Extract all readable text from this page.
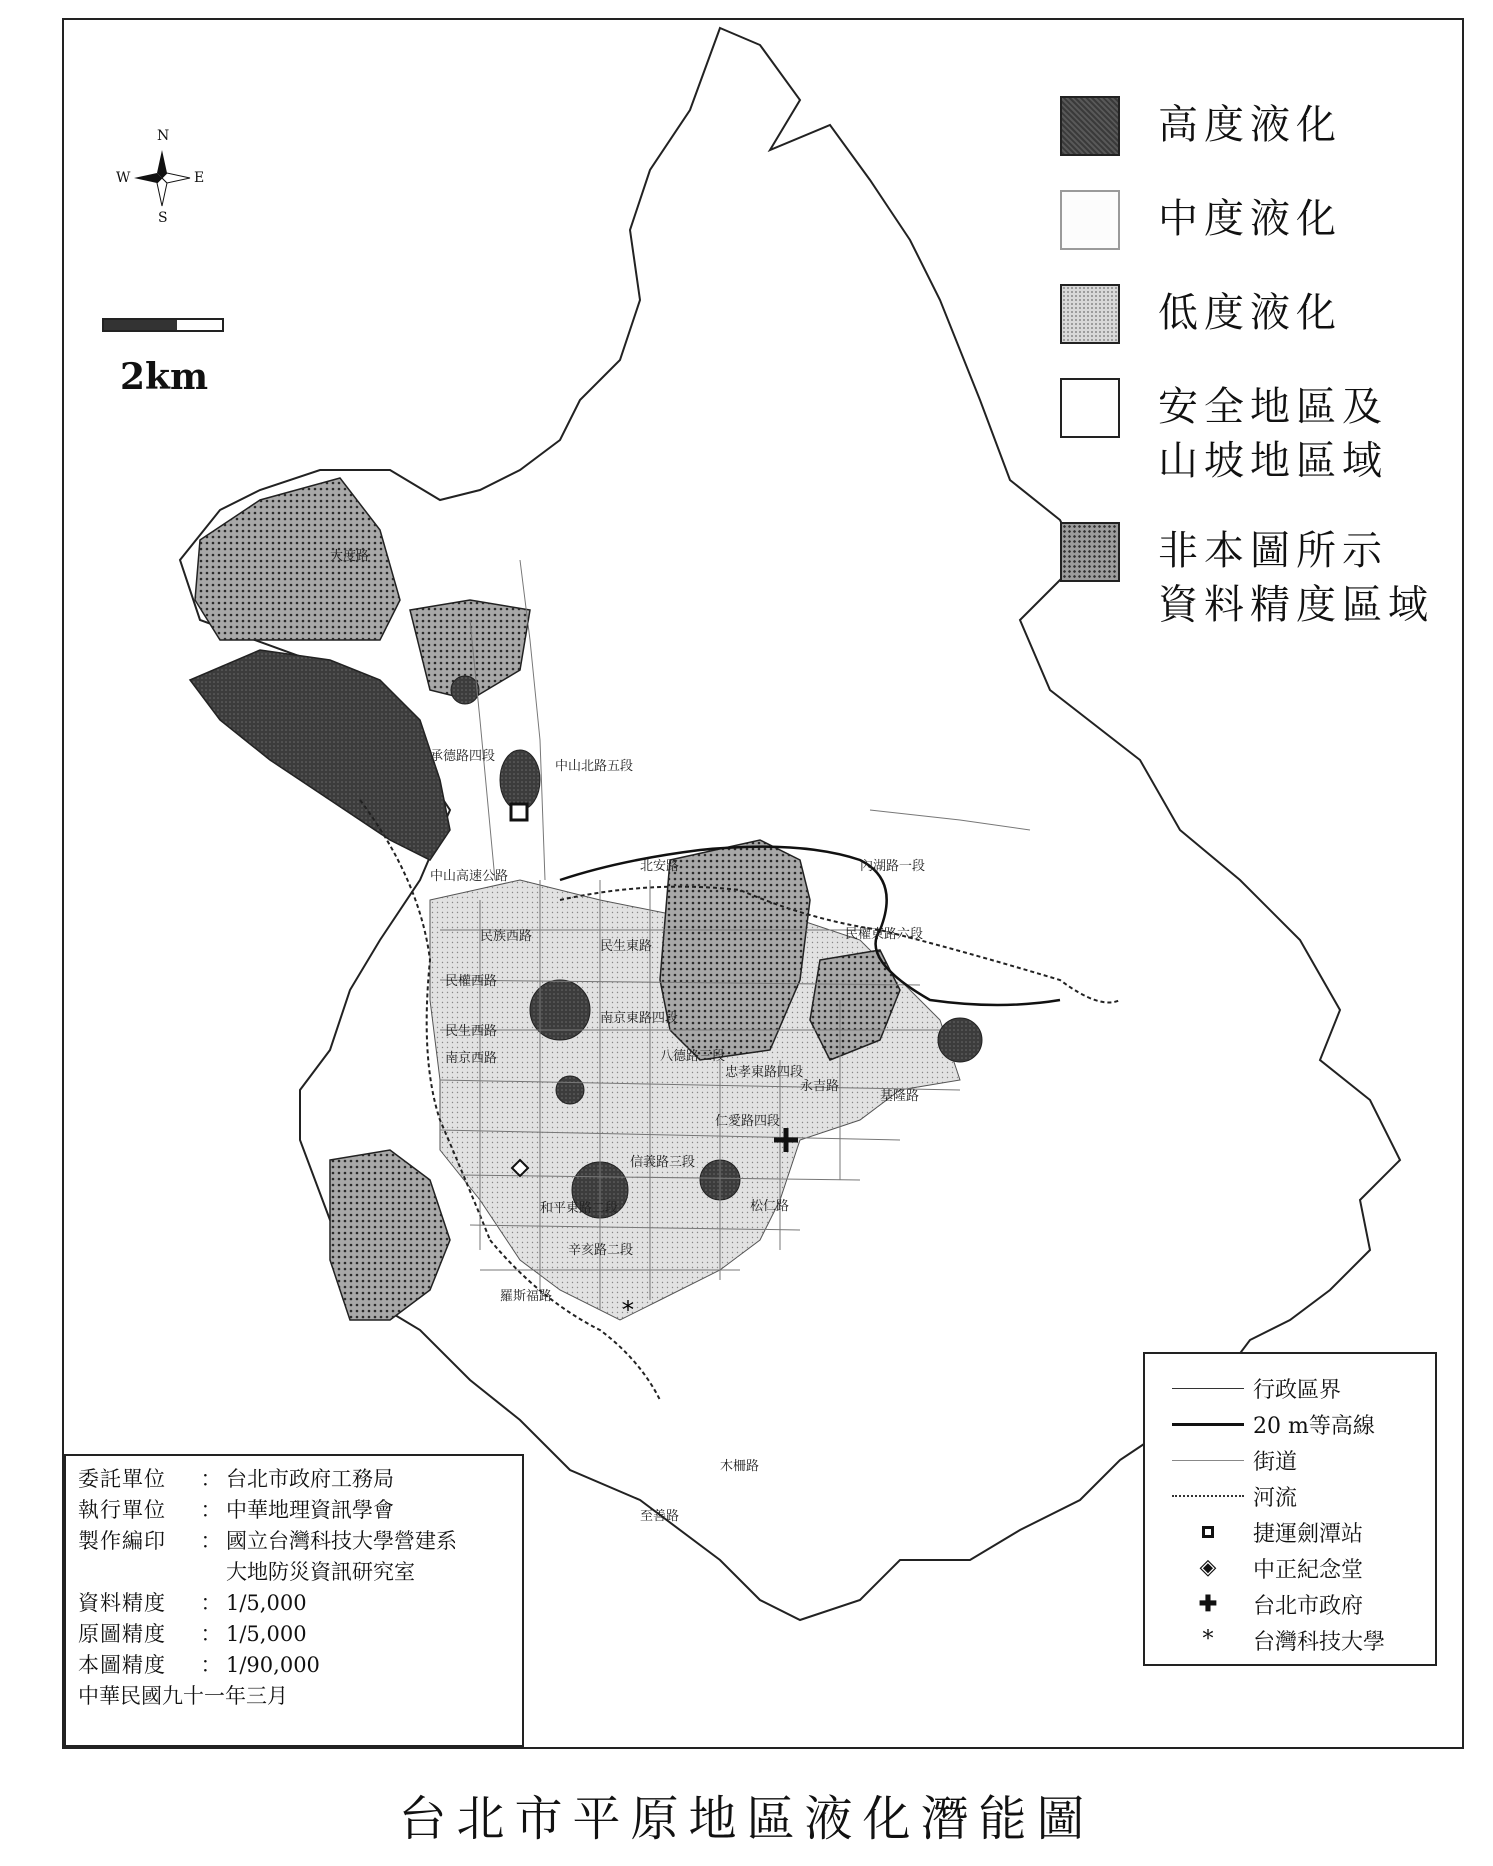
民權東路六段
忠孝東路四段
仁愛路四段
信義路三段
和平東路二段
辛亥路二段
南京東路四段
八德路三段
中山北路五段
承德路四段
內湖路一段
民生東路
基隆路
羅斯福路
中山高速公路
民族西路
民權西路
民生西路
南京西路
北安路
大度路
永吉路
松仁路
木柵路
至善路
*
N
S
E
W
2km
高度液化
中度液化
低度液化
安全地區及
山坡地區域
非本圖所示
資料精度區域
委託單位	： 台北市政府工務局
執行單位	： 中華地理資訊學會
製作編印	： 國立台灣科技大學營建系
大地防災資訊研究室
資料精度	： 1/5,000
原圖精度	： 1/5,000
本圖精度	： 1/90,000
中華民國九十一年三月
行政區界
20 m等高線
街道
河流
捷運劍潭站
◈ 中正紀念堂
✚ 台北市政府
* 台灣科技大學
台北市平原地區液化潛能圖
